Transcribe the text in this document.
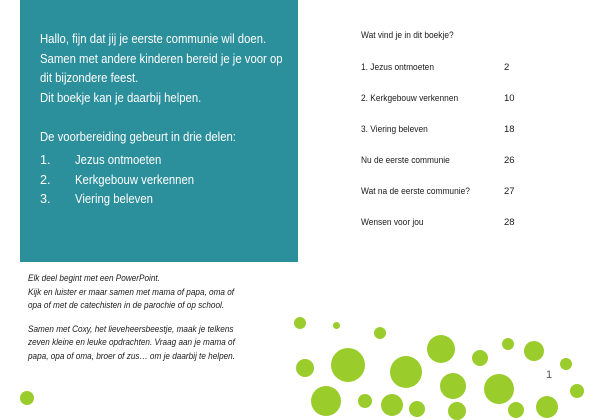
Hallo, fijn dat jij je eerste communie wil doen.

Samen met andere kinderen bereid je je voor op

dit bijzondere feest.

Dit boekje kan je daarbij helpen.

De voorbereiding gebeurt in drie delen:

1.	Jezus ontmoeten
2.	Kerkgebouw verkennen
3.	Viering beleven
Wat vind je in dit boekje?
1. Jezus ontmoeten	2
2. Kerkgebouw verkennen	10
3. Viering beleven	18
Nu de eerste communie	26
Wat na de eerste communie?	27
Wensen voor jou	28

Elk deel begint met een PowerPoint.

Kijk en luister er maar samen met mama of papa, oma of

opa of met de catechisten in de parochie of op school.

Samen met Coxy, het lieveheersbeestje, maak je telkens

zeven kleine en leuke opdrachten. Vraag aan je mama of

papa, opa of oma, broer of zus… om je daarbij te helpen.

1
